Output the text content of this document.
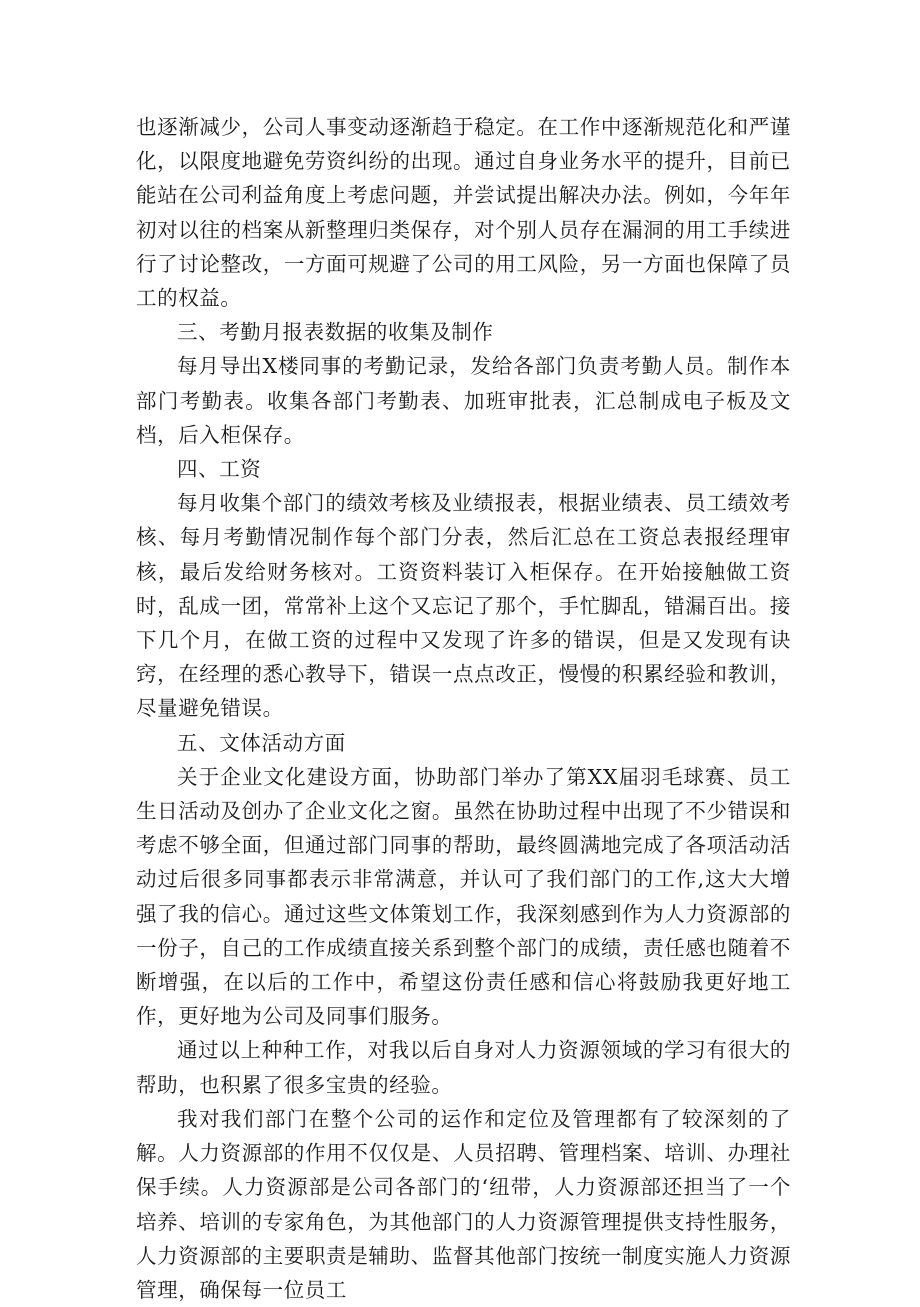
也逐渐减少，公司人事变动逐渐趋于稳定。在工作中逐渐规范化和严谨化，以限度地避免劳资纠纷的出现。通过自身业务水平的提升，目前已能站在公司利益角度上考虑问题，并尝试提出解决办法。例如，今年年初对以往的档案从新整理归类保存，对个别人员存在漏洞的用工手续进行了讨论整改，一方面可规避了公司的用工风险，另一方面也保障了员工的权益。

三、考勤月报表数据的收集及制作

每月导出X楼同事的考勤记录，发给各部门负责考勤人员。制作本部门考勤表。收集各部门考勤表、加班审批表，汇总制成电子板及文档，后入柜保存。

四、工资

每月收集个部门的绩效考核及业绩报表，根据业绩表、员工绩效考核、每月考勤情况制作每个部门分表，然后汇总在工资总表报经理审核，最后发给财务核对。工资资料装订入柜保存。在开始接触做工资时，乱成一团，常常补上这个又忘记了那个，手忙脚乱，错漏百出。接下几个月，在做工资的过程中又发现了许多的错误，但是又发现有诀窍，在经理的悉心教导下，错误一点点改正，慢慢的积累经验和教训，尽量避免错误。

五、文体活动方面

关于企业文化建设方面，协助部门举办了第XX届羽毛球赛、员工生日活动及创办了企业文化之窗。虽然在协助过程中出现了不少错误和考虑不够全面，但通过部门同事的帮助，最终圆满地完成了各项活动活动过后很多同事都表示非常满意，并认可了我们部门的工作,这大大增强了我的信心。通过这些文体策划工作，我深刻感到作为人力资源部的一份子，自己的工作成绩直接关系到整个部门的成绩，责任感也随着不断增强，在以后的工作中，希望这份责任感和信心将鼓励我更好地工作，更好地为公司及同事们服务。

通过以上种种工作，对我以后自身对人力资源领域的学习有很大的帮助，也积累了很多宝贵的经验。

我对我们部门在整个公司的运作和定位及管理都有了较深刻的了解。人力资源部的作用不仅仅是、人员招聘、管理档案、培训、办理社保手续。人力资源部是公司各部门的‘纽带，人力资源部还担当了一个培养、培训的专家角色，为其他部门的人力资源管理提供支持性服务，人力资源部的主要职责是辅助、监督其他部门按统一制度实施人力资源管理，确保每一位员工
